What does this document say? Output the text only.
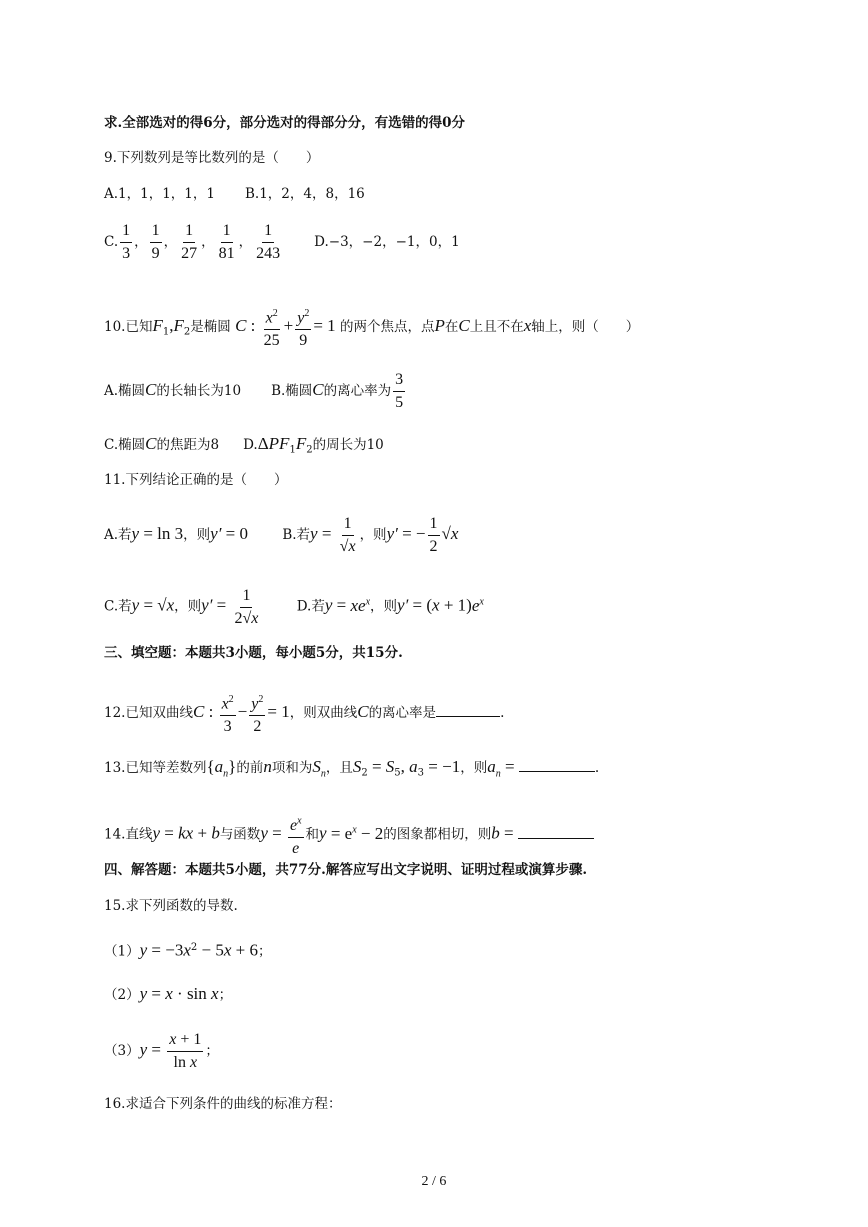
求.全部选对的得6分，部分选对的得部分分，有选错的得0分
9.下列数列是等比数列的是（　　）
A.1，1，1，1，1 B.1，2，4，8，16
C. $\frac{1}{3}$ ， $\frac{1}{9}$ ， $\frac{1}{27}$ ， $\frac{1}{81}$ ， $\frac{1}{243} D.-3$，−2，−1，0，1
10.已知$F_1,F_2$是椭圆 C : $\frac{x^2}{25} + \frac{y^2}{9} = 1$ 的两个焦点，点P在C上且不在x轴上，则（　　）
A.椭圆C的长轴长为10 B.椭圆C的离心率为 $\frac{3}{5}$
C.椭圆C的焦距为8 $D.\Delta PF_1F_2$的周长为10
11.下列结论正确的是（　　）
A.若y = ln 3，则y′ = 0	B.若$y = \frac{1}{√x}$ ，则y′ = − $\frac{1}{2} √x$
C.若y = √x，则$y' = \frac{1}{2√x}$	D.若$y = xe^x$，则$y' = (x + 1)e^x$
三、填空题：本题共3小题，每小题5分，共15分.
12.已知双曲线C : $\frac{x^2}{3} - \frac{y^2}{2} = 1$，则双曲线C的离心率是	.
13.已知等差数列$\{a_n\}$的前n项和为$S_n$，且$S_2 = S_5$, $a_3 = -1$，则$a_n$ =	.
14.直线y = kx + b与函数$y = \frac{e^x}{e}$ 和$y = e^x - 2$的图象都相切，则b =
四、解答题：本题共5小题，共77分.解答应写出文字说明、证明过程或演算步骤.
15.求下列函数的导数.
$(1)y = -3x^2 - 5x + 6$；
（2）y = x · sin x；
$(3)y = \frac{x + 1}{\text{ln x}}$ ；
16.求适合下列条件的曲线的标准方程：
2 / 6
